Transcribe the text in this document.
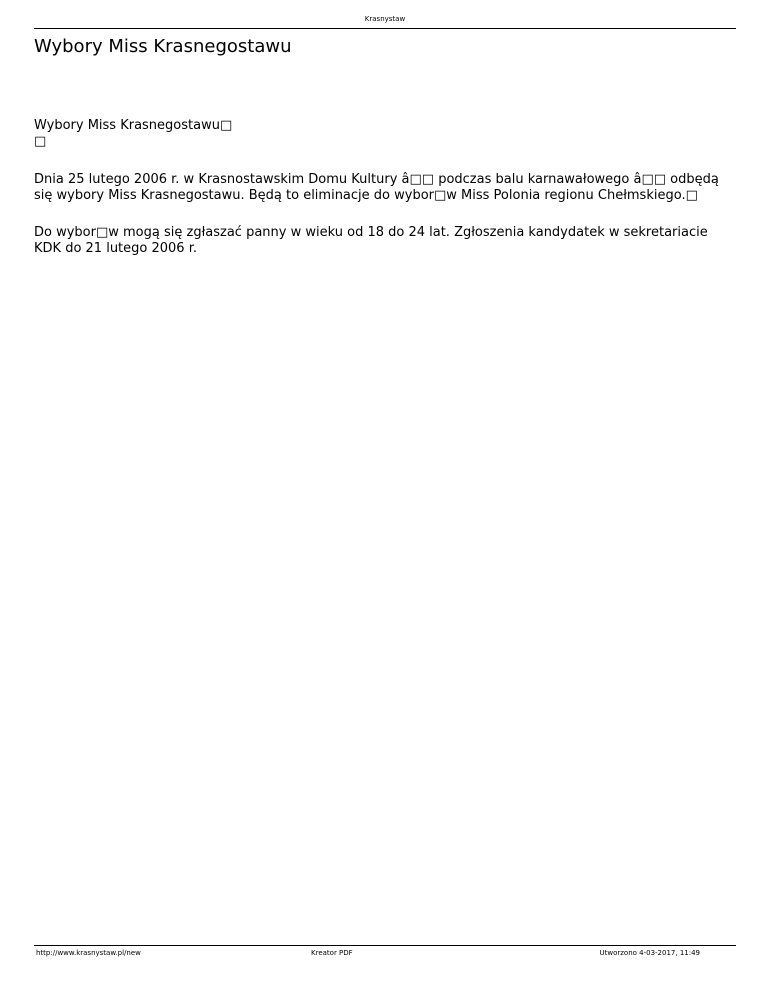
Krasnystaw
Wybory Miss Krasnegostawu
Wybory Miss Krasnegostawu□
□

Dnia 25 lutego 2006 r. w Krasnostawskim Domu Kultury â□□ podczas balu karnawałowego â□□ odbędą się wybory Miss Krasnegostawu. Będą to eliminacje do wybor□w Miss Polonia regionu Chełmskiego.□

Do wybor□w mogą się zgłaszać panny w wieku od 18 do 24 lat. Zgłoszenia kandydatek w sekretariacie KDK do 21 lutego 2006 r.

http://www.krasnystaw.pl/new	Kreator PDF	Utworzono 4-03-2017, 11:49
